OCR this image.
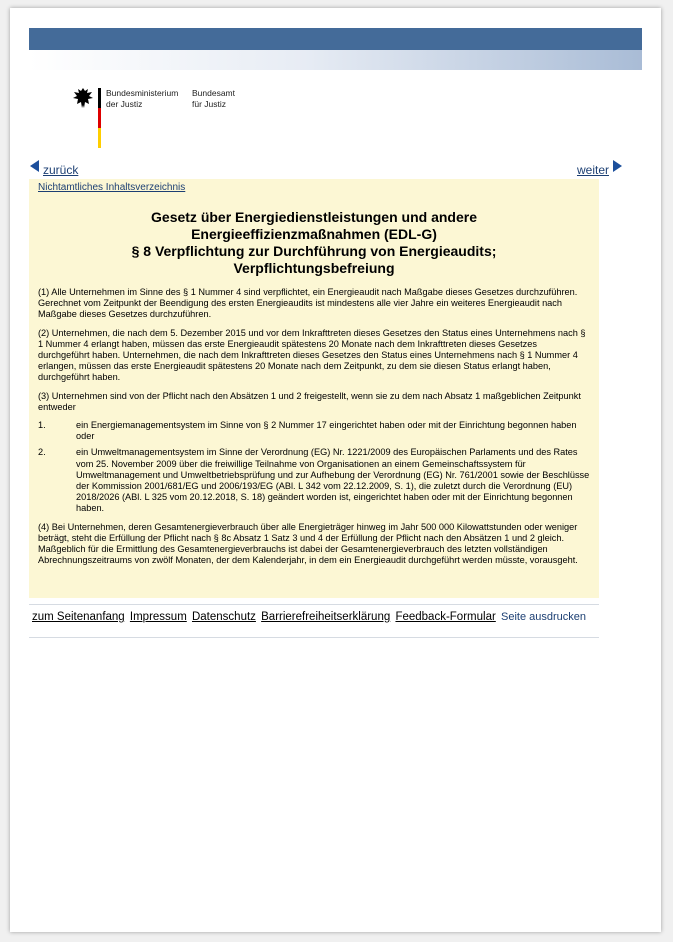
Bundesministerium
der Justiz
Bundesamt
für Justiz
zurück	weiter
Nichtamtliches Inhaltsverzeichnis
Gesetz über Energiedienstleistungen und andere
Energieeffizienzmaßnahmen (EDL-G)
§ 8 Verpflichtung zur Durchführung von Energieaudits;
Verpflichtungsbefreiung

(1) Alle Unternehmen im Sinne des § 1 Nummer 4 sind verpflichtet, ein Energieaudit nach Maßgabe dieses Gesetzes durchzuführen. Gerechnet vom Zeitpunkt der Beendigung des ersten Energieaudits ist mindestens alle vier Jahre ein weiteres Energieaudit nach Maßgabe dieses Gesetzes durchzuführen.

(2) Unternehmen, die nach dem 5. Dezember 2015 und vor dem Inkrafttreten dieses Gesetzes den Status eines Unternehmens nach § 1 Nummer 4 erlangt haben, müssen das erste Energieaudit spätestens 20 Monate nach dem Inkrafttreten dieses Gesetzes durchgeführt haben. Unternehmen, die nach dem Inkrafttreten dieses Gesetzes den Status eines Unternehmens nach § 1 Nummer 4 erlangen, müssen das erste Energieaudit spätestens 20 Monate nach dem Zeitpunkt, zu dem sie diesen Status erlangt haben, durchgeführt haben.

(3) Unternehmen sind von der Pflicht nach den Absätzen 1 und 2 freigestellt, wenn sie zu dem nach Absatz 1 maßgeblichen Zeitpunkt entweder

1.	ein Energiemanagementsystem im Sinne von § 2 Nummer 17 eingerichtet haben oder mit der Einrichtung begonnen haben oder
2.	ein Umweltmanagementsystem im Sinne der Verordnung (EG) Nr. 1221/2009 des Europäischen Parlaments und des Rates vom 25. November 2009 über die freiwillige Teilnahme von Organisationen an einem Gemeinschaftssystem für Umweltmanagement und Umweltbetriebsprüfung und zur Aufhebung der Verordnung (EG) Nr. 761/2001 sowie der Beschlüsse der Kommission 2001/681/EG und 2006/193/EG (ABl. L 342 vom 22.12.2009, S. 1), die zuletzt durch die Verordnung (EU) 2018/2026 (ABl. L 325 vom 20.12.2018, S. 18) geändert worden ist, eingerichtet haben oder mit der Einrichtung begonnen haben.

(4) Bei Unternehmen, deren Gesamtenergieverbrauch über alle Energieträger hinweg im Jahr 500 000 Kilowattstunden oder weniger beträgt, steht die Erfüllung der Pflicht nach § 8c Absatz 1 Satz 3 und 4 der Erfüllung der Pflicht nach den Absätzen 1 und 2 gleich. Maßgeblich für die Ermittlung des Gesamtenergieverbrauchs ist dabei der Gesamtenergieverbrauch des letzten vollständigen Abrechnungszeitraums von zwölf Monaten, der dem Kalenderjahr, in dem ein Energieaudit durchgeführt werden müsste, vorausgeht.

zum Seitenanfang Impressum Datenschutz Barrierefreiheitserklärung Feedback-Formular Seite ausdrucken
